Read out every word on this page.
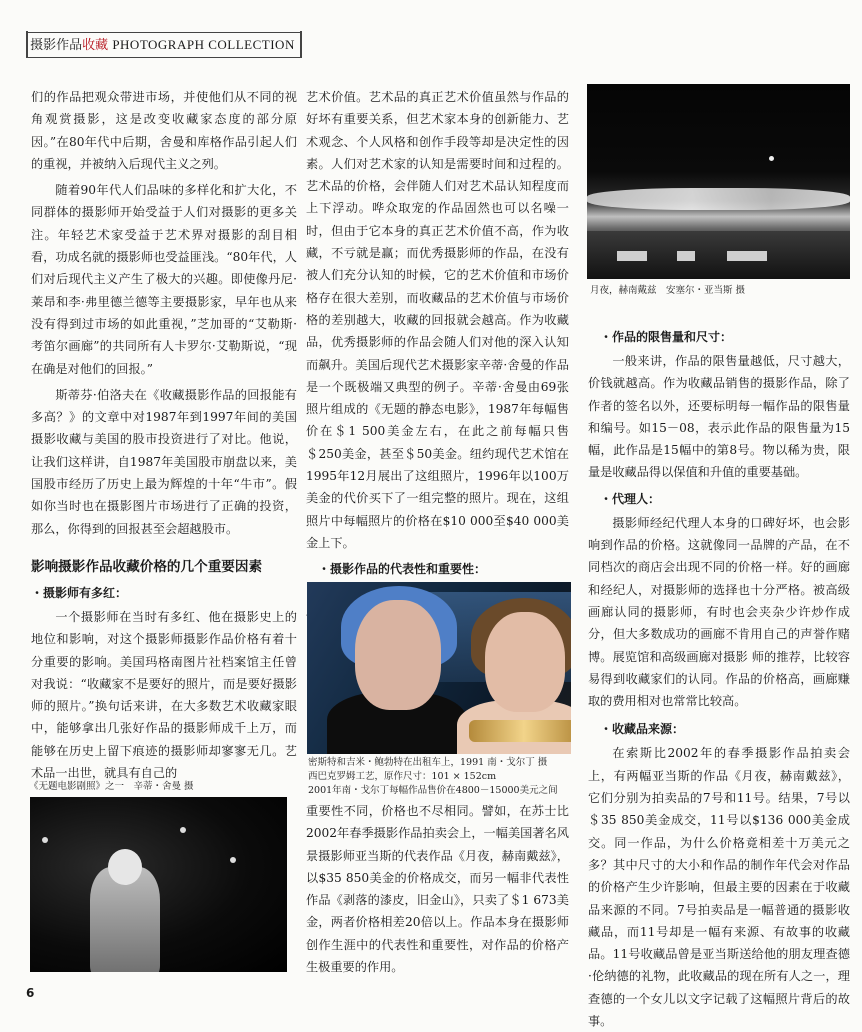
摄影作品收藏 PHOTOGRAPH COLLECTION

们的作品把观众带进市场，并使他们从不同的视角观赏摄影，这是改变收藏家态度的部分原因。”在80年代中后期，舍曼和库格作品引起人们的重视，并被纳入后现代主义之列。

随着90年代人们品味的多样化和扩大化，不同群体的摄影师开始受益于人们对摄影的更多关注。年轻艺术家受益于艺术界对摄影的刮目相看，功成名就的摄影师也受益匪浅。“80年代，人们对后现代主义产生了极大的兴趣。即使像丹尼·莱昂和李·弗里德兰德等主要摄影家，早年也从来没有得到过市场的如此重视，”芝加哥的“艾勒斯·考笛尔画廊”的共同所有人卡罗尔·艾勒斯说，“现在确是对他们的回报。”

斯蒂芬·伯洛夫在《收藏摄影作品的回报能有多高？》的文章中对1987年到1997年间的美国摄影收藏与美国的股市投资进行了对比。他说，让我们这样讲，自1987年美国股市崩盘以来，美国股市经历了历史上最为辉煌的十年“牛市”。假如你当时也在摄影图片市场进行了正确的投资，那么，你得到的回报甚至会超越股市。

影响摄影作品收藏价格的几个重要因素
・摄影师有多红：

一个摄影师在当时有多红、他在摄影史上的地位和影响，对这个摄影师摄影作品价格有着十分重要的影响。美国玛格南图片社档案馆主任曾对我说：“收藏家不是要好的照片，而是要好摄影师的照片。”换句话来讲，在大多数艺术收藏家眼中，能够拿出几张好作品的摄影师成千上万，而能够在历史上留下痕迹的摄影师却寥寥无几。艺术品一出世，就具有自己的

《无题电影剧照》之一　辛蒂・舍曼 摄

艺术价值。艺术品的真正艺术价值虽然与作品的好坏有重要关系，但艺术家本身的创新能力、艺术观念、个人风格和创作手段等却是决定性的因素。人们对艺术家的认知是需要时间和过程的。艺术品的价格，会伴随人们对艺术品认知程度而上下浮动。哗众取宠的作品固然也可以名噪一时，但由于它本身的真正艺术价值不高，作为收藏，不亏就是赢；而优秀摄影师的作品，在没有被人们充分认知的时候，它的艺术价值和市场价格存在很大差别，而收藏品的艺术价值与市场价格的差别越大，收藏的回报就会越高。作为收藏品，优秀摄影师的作品会随人们对他的深入认知而飙升。美国后现代艺术摄影家辛蒂·舍曼的作品是一个既极端又典型的例子。辛蒂·舍曼由69张照片组成的《无题的静态电影》，1987年每幅售价在＄1 500美金左右，在此之前每幅只售＄250美金，甚至＄50美金。纽约现代艺术馆在1995年12月展出了这组照片，1996年以100万美金的代价买下了一组完整的照片。现在，这组照片中每幅照片的价格在$10 000至$40 000美金上下。

・摄影作品的代表性和重要性：

密斯特和吉米・鲍勃特在出租车上，1991 南・戈尔丁 摄
西巴克罗姆工艺，原作尺寸：101 × 152cm
2001年南・戈尔丁每幅作品售价在4800－15000美元之间

重要性不同，价格也不尽相同。譬如，在苏士比2002年春季摄影作品拍卖会上，一幅美国著名风景摄影师亚当斯的代表作品《月夜，赫南戴兹》，以$35 850美金的价格成交，而另一幅非代表性作品《剥落的漆皮，旧金山》，只卖了＄1 673美金，两者价格相差20倍以上。作品本身在摄影师创作生涯中的代表性和重要性，对作品的价格产生极重要的作用。

月夜，赫南戴兹　安塞尔・亚当斯 摄
・作品的限售量和尺寸：

一般来讲，作品的限售量越低，尺寸越大，价钱就越高。作为收藏品销售的摄影作品，除了作者的签名以外，还要标明每一幅作品的限售量和编号。如15－08，表示此作品的限售量为15幅，此作品是15幅中的第8号。物以稀为贵，限量是收藏品得以保值和升值的重要基础。

・代理人：

摄影师经纪代理人本身的口碑好坏，也会影响到作品的价格。这就像同一品牌的产品，在不同档次的商店会出现不同的价格一样。好的画廊和经纪人，对摄影师的选择也十分严格。被高级画廊认同的摄影师，有时也会夹杂少许炒作成分，但大多数成功的画廊不肯用自己的声誉作赌博。展览馆和高级画廊对摄影 师的推荐，比较容易得到收藏家们的认同。作品的价格高，画廊赚取的费用相对也常常比较高。

・收藏品来源：

在索斯比2002年的春季摄影作品拍卖会上，有两幅亚当斯的作品《月夜，赫南戴兹》，它们分别为拍卖品的7号和11号。结果，7号以＄35 850美金成交，11号以$136 000美金成交。同一作品，为什么价格竟相差十万美元之多？其中尺寸的大小和作品的制作年代会对作品的价格产生少许影响，但最主要的因素在于收藏品来源的不同。7号拍卖品是一幅普通的摄影收藏品，而11号却是一幅有来源、有故事的收藏品。11号收藏品曾是亚当斯送给他的朋友理查德·伦纳德的礼物，此收藏品的现在所有人之一，理查德的一个女儿以文字记载了这幅照片背后的故事。

6
